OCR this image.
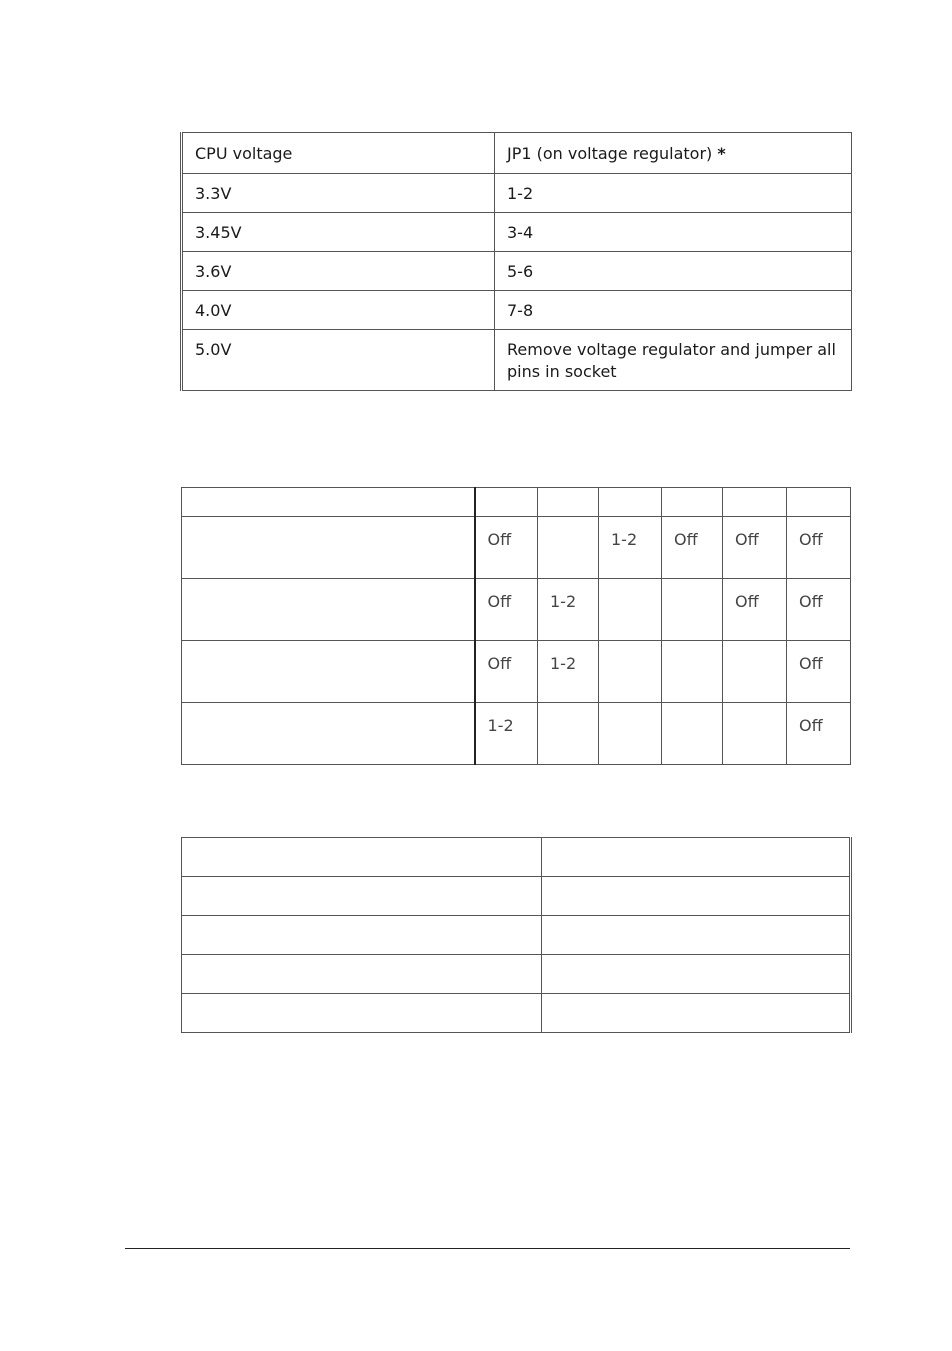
CPU voltage	JP1 (on voltage regulator) *
3.3V	1-2
3.45V	3-4
3.6V	5-6
4.0V	7-8
5.0V	Remove voltage regulator and jumper all pins in socket

	Off		1-2	Off	Off	Off
	Off	1-2			Off	Off
	Off	1-2				Off
	1-2					Off
